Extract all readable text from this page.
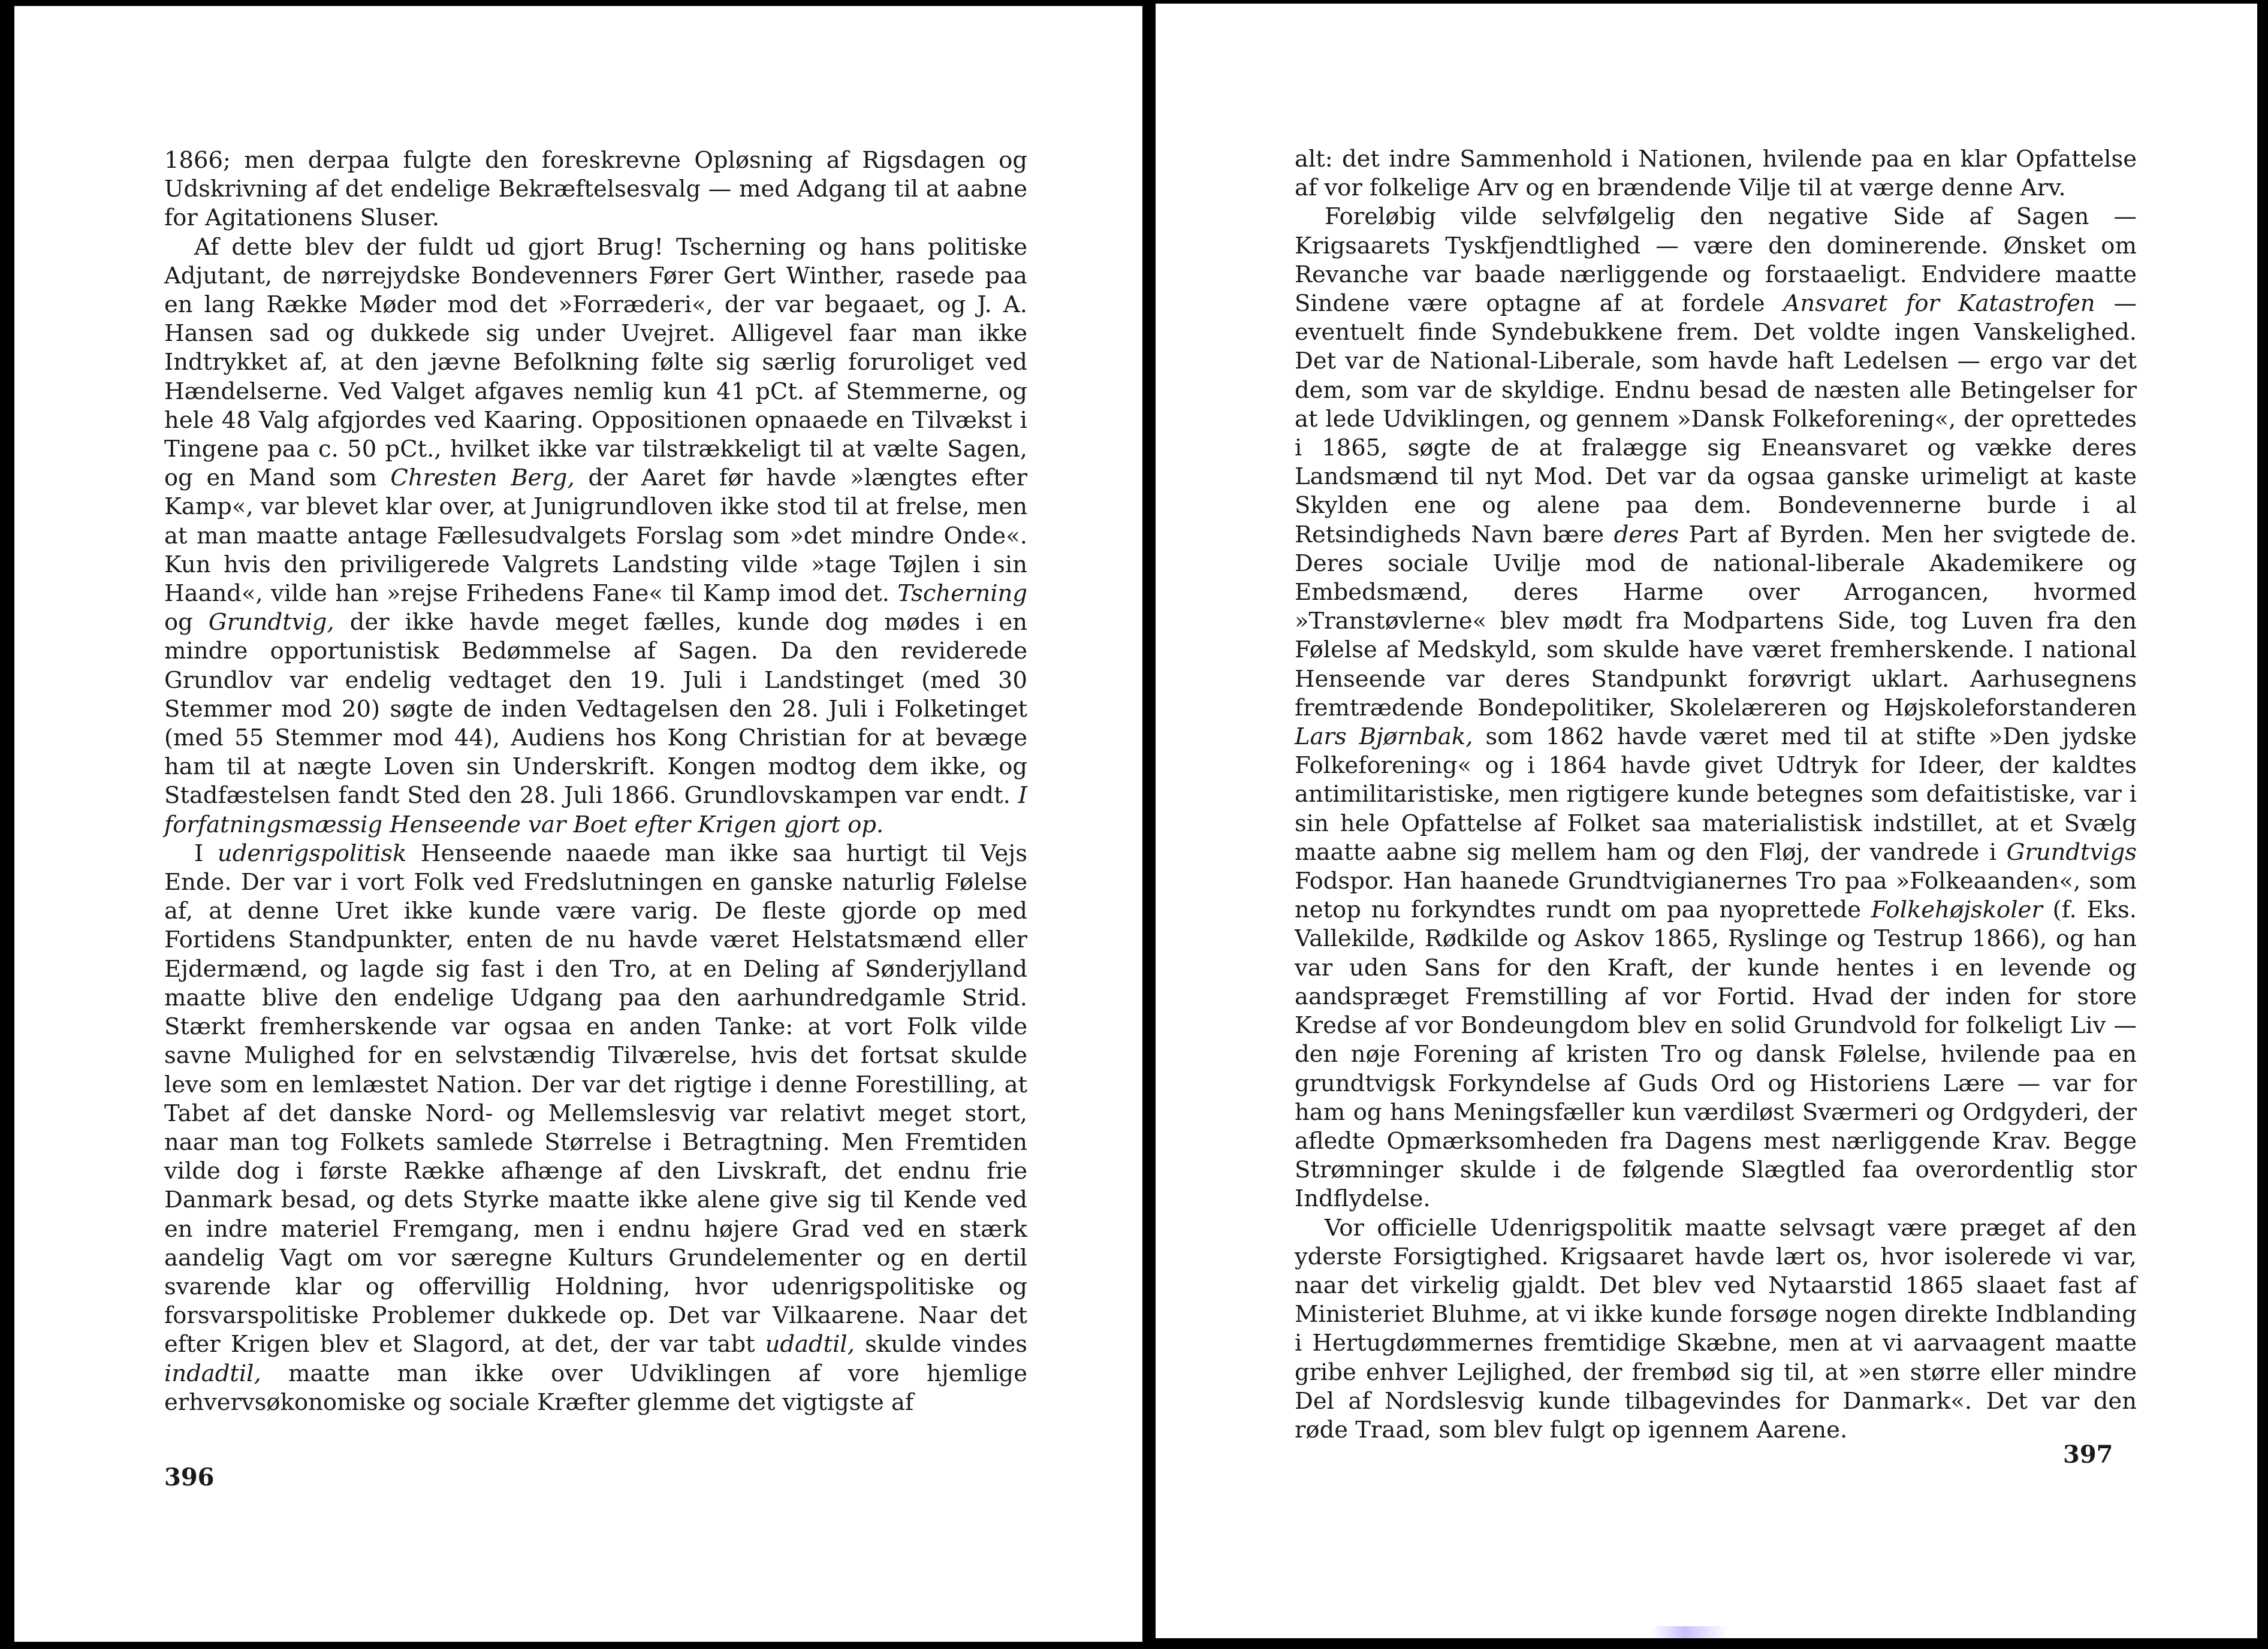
1866; men derpaa fulgte den foreskrevne Opløsning af Rigsdagen og Udskrivning af det endelige Bekræftelsesvalg — med Adgang til at aabne for Agitationens Sluser.

Af dette blev der fuldt ud gjort Brug! Tscherning og hans politiske Adjutant, de nørrejydske Bondevenners Fører Gert Winther, rasede paa en lang Række Møder mod det »Forræderi«, der var begaaet, og J. A. Hansen sad og dukkede sig under Uvejret. Alligevel faar man ikke Indtrykket af, at den jævne Befolkning følte sig særlig foruroliget ved Hændelserne. Ved Valget afgaves nemlig kun 41 pCt. af Stemmerne, og hele 48 Valg afgjordes ved Kaaring. Oppositionen opnaaede en Tilvækst i Tingene paa c. 50 pCt., hvilket ikke var tilstrækkeligt til at vælte Sagen, og en Mand som Chresten Berg, der Aaret før havde »længtes efter Kamp«, var blevet klar over, at Junigrundloven ikke stod til at frelse, men at man maatte antage Fællesudvalgets Forslag som »det mindre Onde«. Kun hvis den priviligerede Valgrets Landsting vilde »tage Tøjlen i sin Haand«, vilde han »rejse Frihedens Fane« til Kamp imod det. Tscherning og Grundtvig, der ikke havde meget fælles, kunde dog mødes i en mindre opportunistisk Bedømmelse af Sagen. Da den reviderede Grundlov var endelig vedtaget den 19. Juli i Landstinget (med 30 Stemmer mod 20) søgte de inden Vedtagelsen den 28. Juli i Folketinget (med 55 Stemmer mod 44), Audiens hos Kong Christian for at bevæge ham til at nægte Loven sin Underskrift. Kongen modtog dem ikke, og Stadfæstelsen fandt Sted den 28. Juli 1866. Grundlovskampen var endt. I forfatningsmæssig Henseende var Boet efter Krigen gjort op.

I udenrigspolitisk Henseende naaede man ikke saa hurtigt til Vejs Ende. Der var i vort Folk ved Fredslutningen en ganske naturlig Følelse af, at denne Uret ikke kunde være varig. De fleste gjorde op med Fortidens Standpunkter, enten de nu havde været Helstatsmænd eller Ejdermænd, og lagde sig fast i den Tro, at en Deling af Sønderjylland maatte blive den endelige Udgang paa den aarhundredgamle Strid. Stærkt fremherskende var ogsaa en anden Tanke: at vort Folk vilde savne Mulighed for en selvstændig Tilværelse, hvis det fortsat skulde leve som en lemlæstet Nation. Der var det rigtige i denne Forestilling, at Tabet af det danske Nord- og Mellemslesvig var relativt meget stort, naar man tog Folkets samlede Størrelse i Betragtning. Men Fremtiden vilde dog i første Række afhænge af den Livskraft, det endnu frie Danmark besad, og dets Styrke maatte ikke alene give sig til Kende ved en indre materiel Fremgang, men i endnu højere Grad ved en stærk aandelig Vagt om vor særegne Kulturs Grundelementer og en dertil svarende klar og offervillig Holdning, hvor udenrigspolitiske og forsvarspolitiske Problemer dukkede op. Det var Vilkaarene. Naar det efter Krigen blev et Slagord, at det, der var tabt udadtil, skulde vindes indadtil, maatte man ikke over Udviklingen af vore hjemlige erhvervsøkonomiske og sociale Kræfter glemme det vigtigste af

396

alt: det indre Sammenhold i Nationen, hvilende paa en klar Opfattelse af vor folkelige Arv og en brændende Vilje til at værge denne Arv.

Foreløbig vilde selvfølgelig den negative Side af Sagen — Krigsaarets Tyskfjendtlighed — være den dominerende. Ønsket om Revanche var baade nærliggende og forstaaeligt. Endvidere maatte Sindene være optagne af at fordele Ansvaret for Katastrofen — eventuelt finde Syndebukkene frem. Det voldte ingen Vanskelighed. Det var de National-Liberale, som havde haft Ledelsen — ergo var det dem, som var de skyldige. Endnu besad de næsten alle Betingelser for at lede Udviklingen, og gennem »Dansk Folkeforening«, der oprettedes i 1865, søgte de at fralægge sig Eneansvaret og vække deres Landsmænd til nyt Mod. Det var da ogsaa ganske urimeligt at kaste Skylden ene og alene paa dem. Bondevennerne burde i al Retsindigheds Navn bære deres Part af Byrden. Men her svigtede de. Deres sociale Uvilje mod de national-liberale Akademikere og Embedsmænd, deres Harme over Arrogancen, hvormed »Transtøvlerne« blev mødt fra Modpartens Side, tog Luven fra den Følelse af Medskyld, som skulde have været fremherskende. I national Henseende var deres Standpunkt forøvrigt uklart. Aarhusegnens fremtrædende Bondepolitiker, Skolelæreren og Højskoleforstanderen Lars Bjørnbak, som 1862 havde været med til at stifte »Den jydske Folkeforening« og i 1864 havde givet Udtryk for Ideer, der kaldtes antimilitaristiske, men rigtigere kunde betegnes som defaitistiske, var i sin hele Opfattelse af Folket saa materialistisk indstillet, at et Svælg maatte aabne sig mellem ham og den Fløj, der vandrede i Grundtvigs Fodspor. Han haanede Grundtvigianernes Tro paa »Folkeaanden«, som netop nu forkyndtes rundt om paa nyoprettede Folkehøjskoler (f. Eks. Vallekilde, Rødkilde og Askov 1865, Ryslinge og Testrup 1866), og han var uden Sans for den Kraft, der kunde hentes i en levende og aandspræget Fremstilling af vor Fortid. Hvad der inden for store Kredse af vor Bondeungdom blev en solid Grundvold for folkeligt Liv — den nøje Forening af kristen Tro og dansk Følelse, hvilende paa en grundtvigsk Forkyndelse af Guds Ord og Historiens Lære — var for ham og hans Meningsfæller kun værdiløst Sværmeri og Ordgyderi, der afledte Opmærksomheden fra Dagens mest nærliggende Krav. Begge Strømninger skulde i de følgende Slægtled faa overordentlig stor Indflydelse.

Vor officielle Udenrigspolitik maatte selvsagt være præget af den yderste Forsigtighed. Krigsaaret havde lært os, hvor isolerede vi var, naar det virkelig gjaldt. Det blev ved Nytaarstid 1865 slaaet fast af Ministeriet Bluhme, at vi ikke kunde forsøge nogen direkte Indblanding i Hertugdømmernes fremtidige Skæbne, men at vi aarvaagent maatte gribe enhver Lejlighed, der frembød sig til, at »en større eller mindre Del af Nordslesvig kunde tilbagevindes for Danmark«. Det var den røde Traad, som blev fulgt op igennem Aarene.

397
